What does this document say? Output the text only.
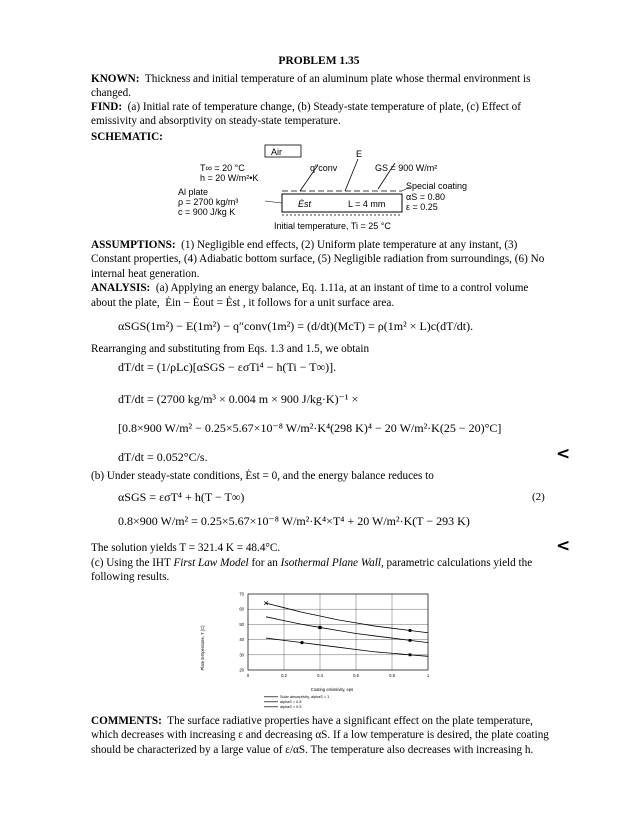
PROBLEM 1.35
KNOWN: Thickness and initial temperature of an aluminum plate whose thermal environment is changed.
FIND: (a) Initial rate of temperature change, (b) Steady-state temperature of plate, (c) Effect of emissivity and absorptivity on steady-state temperature.
SCHEMATIC:
Air
T∞ = 20 °C
h = 20 W/m²•K
q″conv
E
GS = 900 W/m²
Ėst	L = 4 mm
Special coating
αS = 0.80
ε = 0.25
Al plate
ρ = 2700 kg/m³
c = 900 J/kg K
Initial temperature, Ti = 25 °C
ASSUMPTIONS: (1) Negligible end effects, (2) Uniform plate temperature at any instant, (3) Constant properties, (4) Adiabatic bottom surface, (5) Negligible radiation from surroundings, (6) No internal heat generation.
ANALYSIS: (a) Applying an energy balance, Eq. 1.11a, at an instant of time to a control volume
about the plate, Ėin − Ėout = Ėst , it follows for a unit surface area.
αSGS(1m²) − E(1m²) − q″conv(1m²) = (d/dt)(McT) = ρ(1m² × L)c(dT/dt).
Rearranging and substituting from Eqs. 1.3 and 1.5, we obtain
dT/dt = (1/ρLc)[αSGS − εσTi⁴ − h(Ti − T∞)].
dT/dt = (2700 kg/m³ × 0.004 m × 900 J/kg·K)⁻¹ ×
[0.8×900 W/m² − 0.25×5.67×10⁻⁸ W/m²·K⁴(298 K)⁴ − 20 W/m²·K(25 − 20)°C]
dT/dt = 0.052°C/s.	<
(b) Under steady-state conditions, Ėst = 0, and the energy balance reduces to
αSGS = εσT⁴ + h(T − T∞)	(2)
0.8×900 W/m² = 0.25×5.67×10⁻⁸ W/m²·K⁴×T⁴ + 20 W/m²·K(T − 293 K)
The solution yields T = 321.4 K = 48.4°C.	<
(c) Using the IHT First Law Model for an Isothermal Plane Wall, parametric calculations yield the following results.
0	0.2	0.4	0.6	0.8	1
20
30
40
50
60
70
Plate temperature, T (C)
Coating emissivity, eps
Solar absorptivity, alphaS = 1
alphaS = 0.8
alphaS = 0.5
COMMENTS: The surface radiative properties have a significant effect on the plate temperature, which decreases with increasing ε and decreasing αS. If a low temperature is desired, the plate coating should be characterized by a large value of ε/αS. The temperature also decreases with increasing h.
